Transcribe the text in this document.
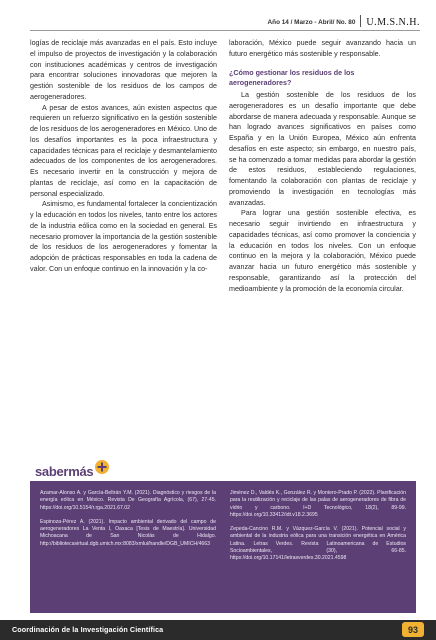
Año 14 / Marzo - Abril/ No. 80 U.M.S.N.H.

logías de reciclaje más avanzadas en el país. Esto incluye el impulso de proyectos de investigación y la colaboración con instituciones académicas y centros de investigación para encontrar soluciones innovadoras que mejoren la gestión sostenible de los residuos de los campos de aerogeneradores.

A pesar de estos avances, aún existen aspectos que requieren un refuerzo significativo en la gestión sostenible de los residuos de los aerogeneradores en México. Uno de los desafíos importantes es la poca infraestructura y capacidades técnicas para el reciclaje y desmantelamiento adecuados de los componentes de los aerogeneradores. Es necesario invertir en la construcción y mejora de plantas de reciclaje, así como en la capacitación de personal especializado.

Asimismo, es fundamental fortalecer la concientización y la educación en todos los niveles, tanto entre los actores de la industria eólica como en la sociedad en general. Es necesario promover la importancia de la gestión sostenible de los residuos de los aerogeneradores y fomentar la adopción de prácticas responsables en toda la cadena de valor. Con un enfoque continuo en la innovación y la co-

laboración, México puede seguir avanzando hacia un futuro energético más sostenible y responsable.

¿Cómo gestionar los residuos de los aerogeneradores?

La gestión sostenible de los residuos de los aerogeneradores es un desafío importante que debe abordarse de manera adecuada y responsable. Aunque se han logrado avances significativos en países como España y en la Unión Europea, México aún enfrenta desafíos en este aspecto; sin embargo, en nuestro país, se ha comenzado a tomar medidas para abordar la gestión de estos residuos, estableciendo regulaciones, fomentando la colaboración con plantas de reciclaje y promoviendo la investigación en tecnologías más avanzadas.

Para lograr una gestión sostenible efectiva, es necesario seguir invirtiendo en infraestructura y capacidades técnicas, así como promover la conciencia y la educación en todos los niveles. Con un enfoque continuo en la mejora y la colaboración, México puede avanzar hacia un futuro energético más sostenible y responsable, garantizando así la protección del medioambiente y la promoción de la economía circular.

sabermás

Azamar-Alonso A. y García-Beltrán Y.M. (2021). Diagnóstico y riesgos de la energía eólica en México. Revista De Geografía Agrícola, (67), 27-45. https://doi.org/10.5154/r.rga.2021.67.02

Espinoza-Pérez A. (2021). Impacto ambiental derivado del campo de aerogeneradores La Venta I, Oaxaca [Tesis de Maestría]. Universidad Michoacana de San Nicolás de Hidalgo. http://bibliotecavirtual.dgb.umich.mx:8083/xmlui/handle/DGB_UMICH/4663

Jiménez D., Valdés K., González R. y Montero-Prado P. (2022). Planificación para la reutilización y reciclaje de las palas de aerogeneradores de fibra de vidrio y carbono. I+D Tecnológico, 18(2), 89-99. https://doi.org/10.33412/idt.v18.2.3695

Zepeda-Cancino R.M. y Vázquez-García V. (2021). Potencial social y ambiental de la industria eólica para una transición energética en América Latina. Letras Verdes. Revista Latinoamericana de Estudios Socioambientales, (30), 66-85. https://doi.org/10.17141/letrasverdes.30.2021.4598

Coordinación de la Investigación Científica	93
